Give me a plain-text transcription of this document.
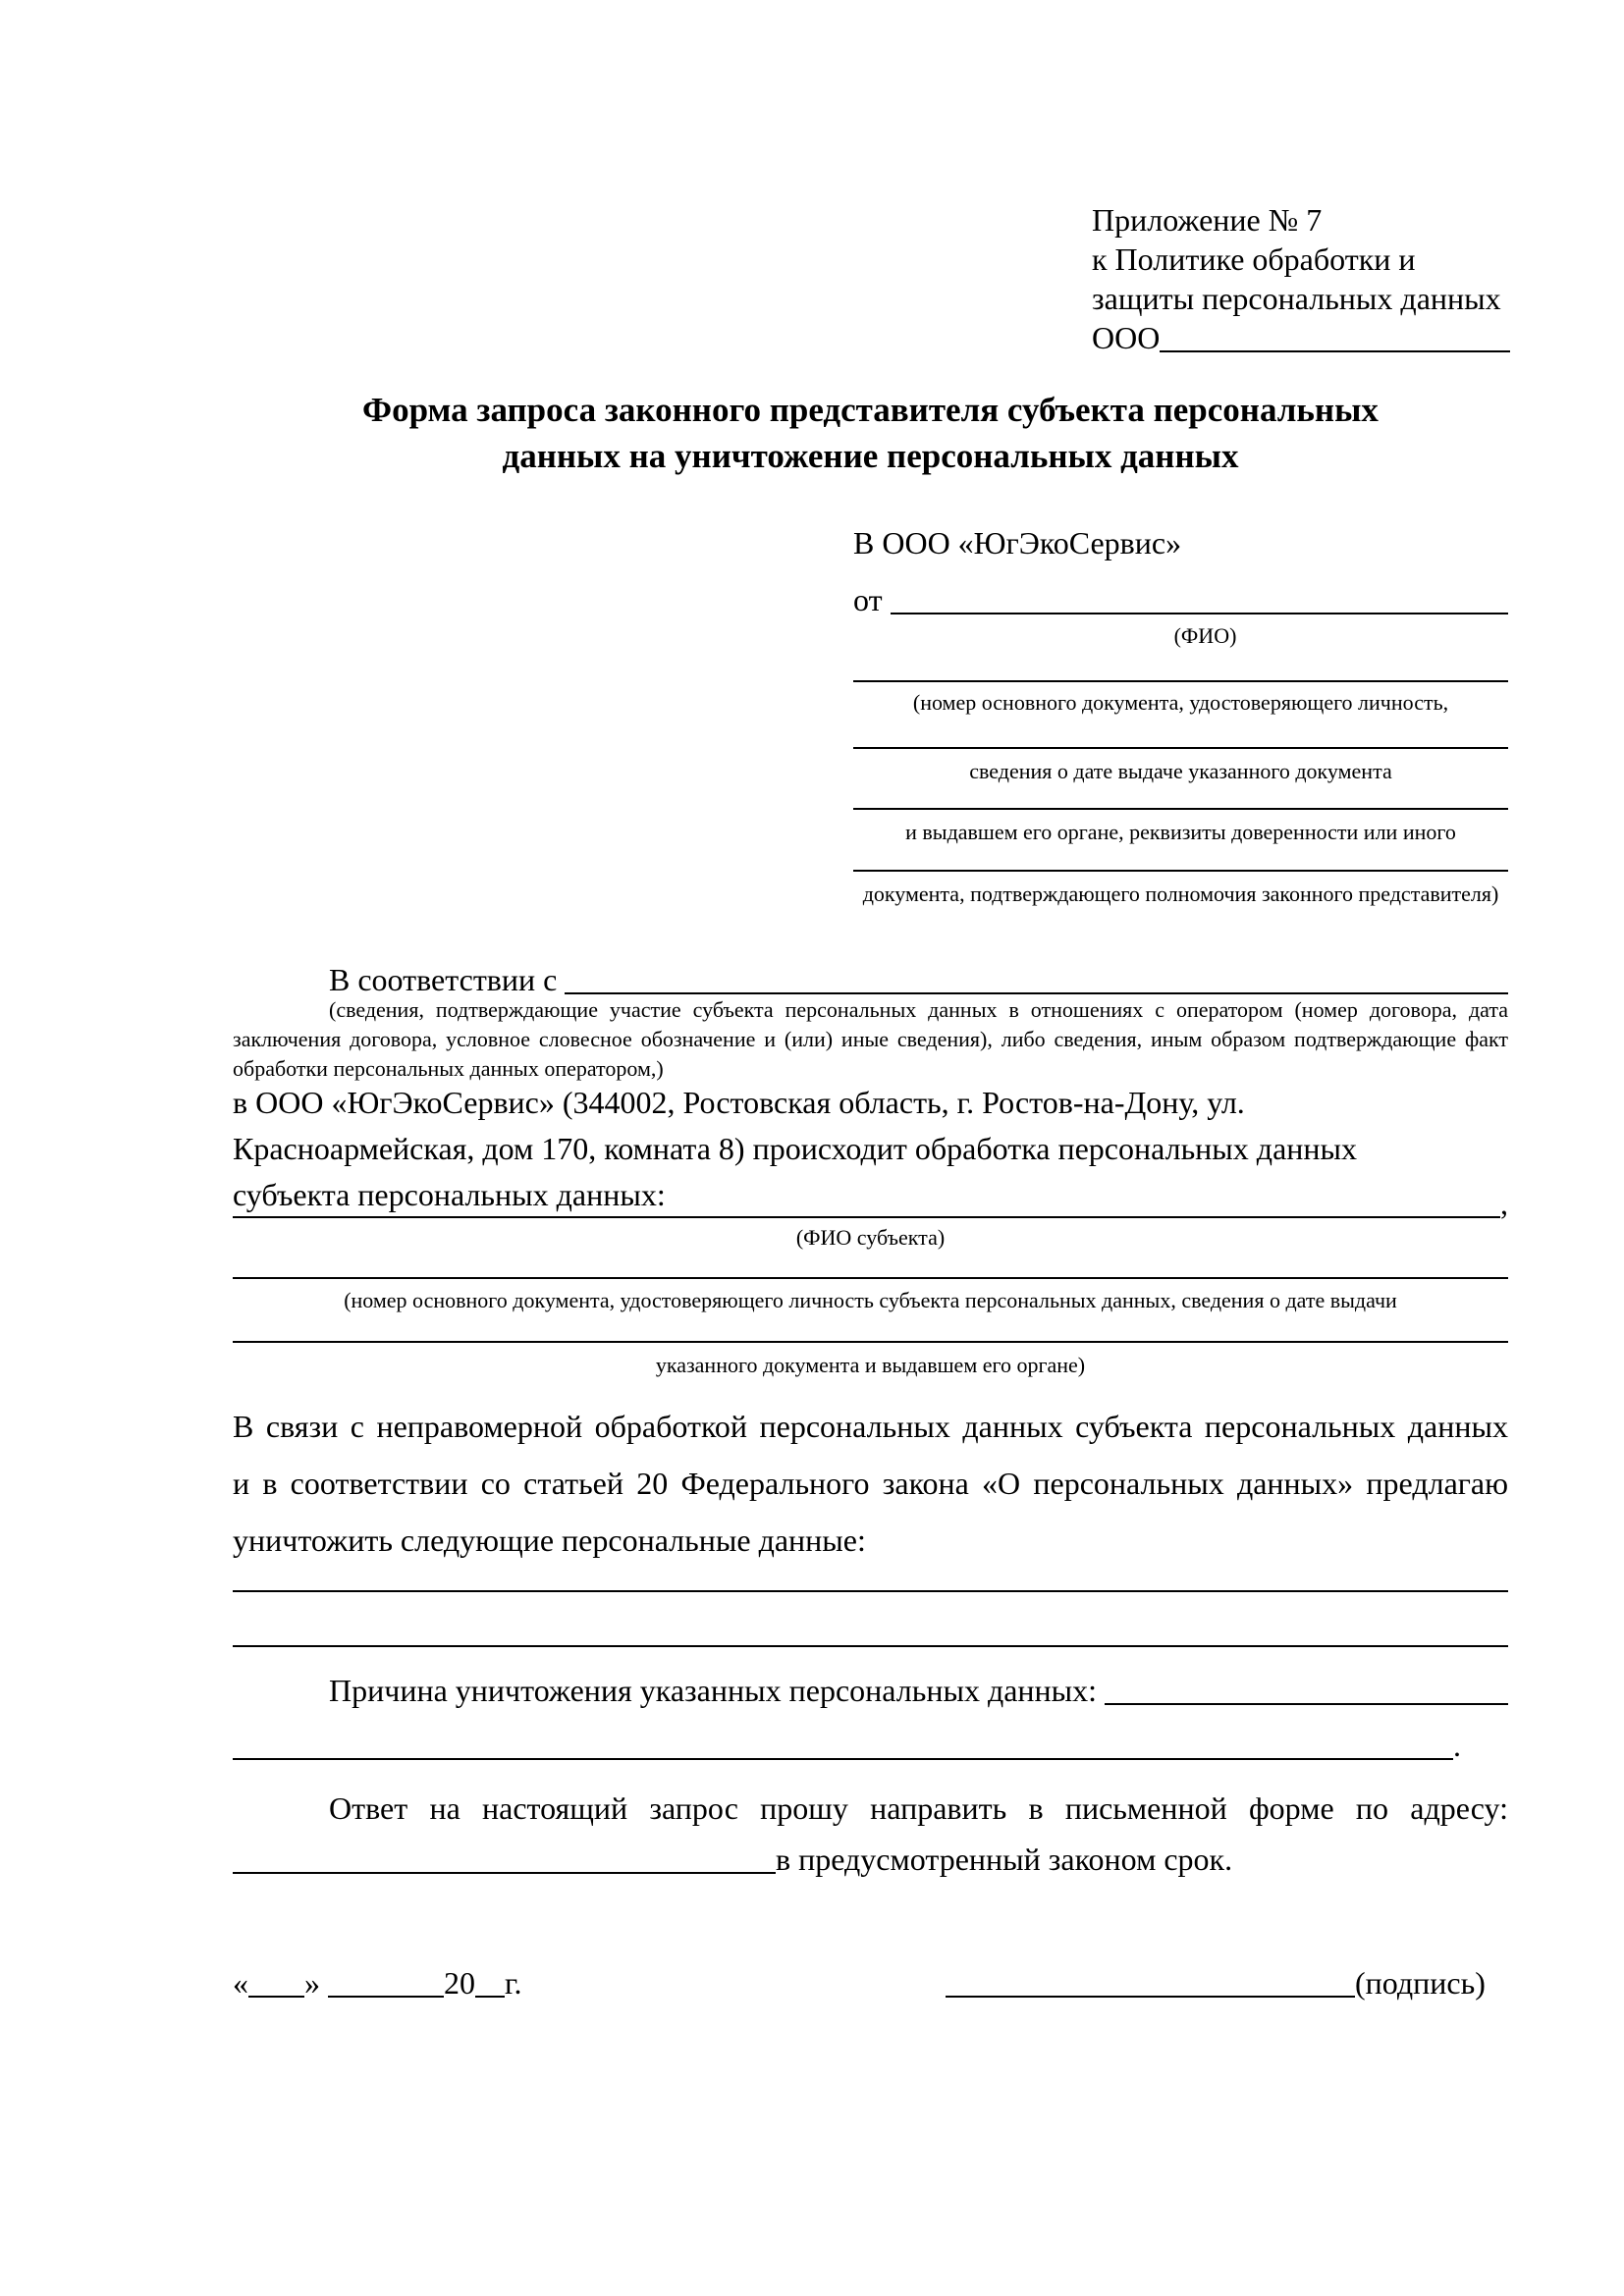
Приложение № 7
к Политике обработки и
защиты персональных данных
ООО
Форма запроса законного представителя субъекта персональных
данных на уничтожение персональных данных
В ООО «ЮгЭкоСервис»
от
(ФИО)
(номер основного документа, удостоверяющего личность,
сведения о дате выдаче указанного документа
и выдавшем его органе, реквизиты доверенности или иного
документа, подтверждающего полномочия законного представителя)
В соответствии с
(сведения, подтверждающие участие субъекта персональных данных в отношениях с оператором (номер договора, дата
заключения договора, условное словесное обозначение и (или) иные сведения), либо сведения, иным образом подтверждающие факт
обработки персональных данных оператором,)
в ООО «ЮгЭкоСервис» (344002, Ростовская область, г. Ростов-на-Дону, ул.
Красноармейская, дом 170, комната 8) происходит обработка персональных данных
субъекта персональных данных:	,
(ФИО субъекта)
(номер основного документа, удостоверяющего личность субъекта персональных данных, сведения о дате выдачи
указанного документа и выдавшем его органе)
В связи с неправомерной обработкой персональных данных субъекта персональных данных
и в соответствии со статьей 20 Федерального закона «О персональных данных» предлагаю
уничтожить следующие персональные данные:
Причина уничтожения указанных персональных данных:
.
Ответ на настоящий запрос прошу направить в письменной форме по адресу:
в предусмотренный законом срок.
« »	20 г.	(подпись)
